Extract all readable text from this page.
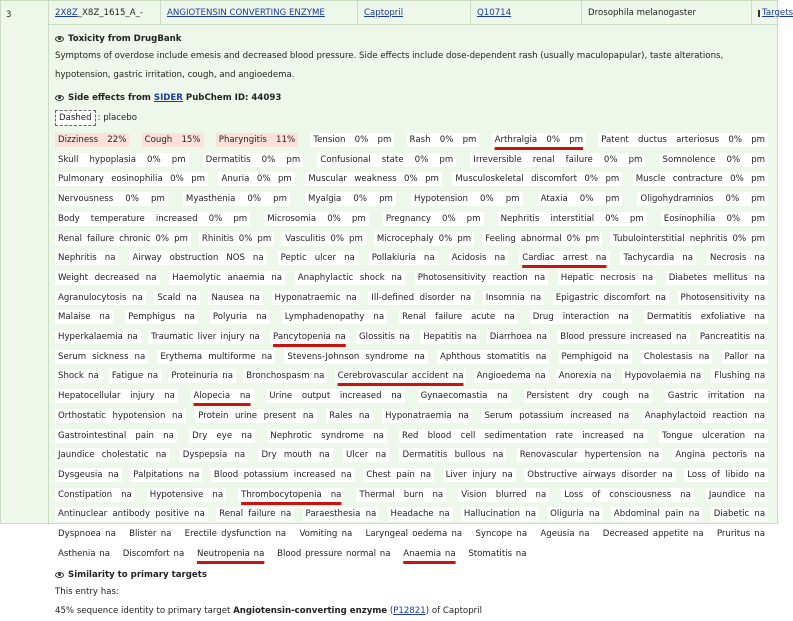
3	2X8Z_X8Z_1615_A_-	ANGIOTENSIN CONVERTING ENZYME	Captopril	Q10714	Drosophila melanogaster	Targets
Toxicity from DrugBank
Symptoms of overdose include emesis and decreased blood pressure. Side effects include dose-dependent rash (usually maculopapular), taste alterations, hypotension, gastric irritation, cough, and angioedema.
Side effects from
SIDER
PubChem ID: 44093
Dashed : placebo
Dizziness 22% Cough 15% Pharyngitis 11% Tension 0% pm Rash 0% pm Arthralgia 0% pm Patent ductus arteriosus 0% pm Skull hypoplasia 0% pm Dermatitis 0% pm Confusional state 0% pm Irreversible renal failure 0% pm Somnolence 0% pm Pulmonary eosinophilia 0% pm Anuria 0% pm Muscular weakness 0% pm Musculoskeletal discomfort 0% pm Muscle contracture 0% pm Nervousness 0% pm Myasthenia 0% pm Myalgia 0% pm Hypotension 0% pm Ataxia 0% pm Oligohydramnios 0% pm Body temperature increased 0% pm Microsomia 0% pm Pregnancy 0% pm Nephritis interstitial 0% pm Eosinophilia 0% pm Renal failure chronic 0% pm Rhinitis 0% pm Vasculitis 0% pm Microcephaly 0% pm Feeling abnormal 0% pm Tubulointerstitial nephritis 0% pm Nephritis na Airway obstruction NOS na Peptic ulcer na Pollakiuria na Acidosis na Cardiac arrest na Tachycardia na Necrosis na Weight decreased na Haemolytic anaemia na Anaphylactic shock na Photosensitivity reaction na Hepatic necrosis na Diabetes mellitus na Agranulocytosis na Scald na Nausea na Hyponatraemic na Ill-defined disorder na Insomnia na Epigastric discomfort na Photosensitivity na Malaise na Pemphigus na Polyuria na Lymphadenopathy na Renal failure acute na Drug interaction na Dermatitis exfoliative na Hyperkalaemia na Traumatic liver injury na Pancytopenia na Glossitis na Hepatitis na Diarrhoea na Blood pressure increased na Pancreatitis na Serum sickness na Erythema multiforme na Stevens-Johnson syndrome na Aphthous stomatitis na Pemphigoid na Cholestasis na Pallor na Shock na Fatigue na Proteinuria na Bronchospasm na Cerebrovascular accident na Angioedema na Anorexia na Hypovolaemia na Flushing na Hepatocellular injury na Alopecia na Urine output increased na Gynaecomastia na Persistent dry cough na Gastric irritation na Orthostatic hypotension na Protein urine present na Rales na Hyponatraemia na Serum potassium increased na Anaphylactoid reaction na Gastrointestinal pain na Dry eye na Nephrotic syndrome na Red blood cell sedimentation rate increased na Tongue ulceration na Jaundice cholestatic na Dyspepsia na Dry mouth na Ulcer na Dermatitis bullous na Renovascular hypertension na Angina pectoris na Dysgeusia na Palpitations na Blood potassium increased na Chest pain na Liver injury na Obstructive airways disorder na Loss of libido na Constipation na Hypotensive na Thrombocytopenia na Thermal burn na Vision blurred na Loss of consciousness na Jaundice na Antinuclear antibody positive na Renal failure na Paraesthesia na Headache na Hallucination na Oliguria na Abdominal pain na Diabetic na Dyspnoea na Blister na Erectile dysfunction na Vomiting na Laryngeal oedema na Syncope na Ageusia na Decreased appetite na Pruritus na Asthenia na Discomfort na Neutropenia na Blood pressure normal na Anaemia na Stomatitis na
Similarity to primary targets
This entry has:
45% sequence identity to primary target Angiotensin-converting enzyme (P12821) of Captopril
